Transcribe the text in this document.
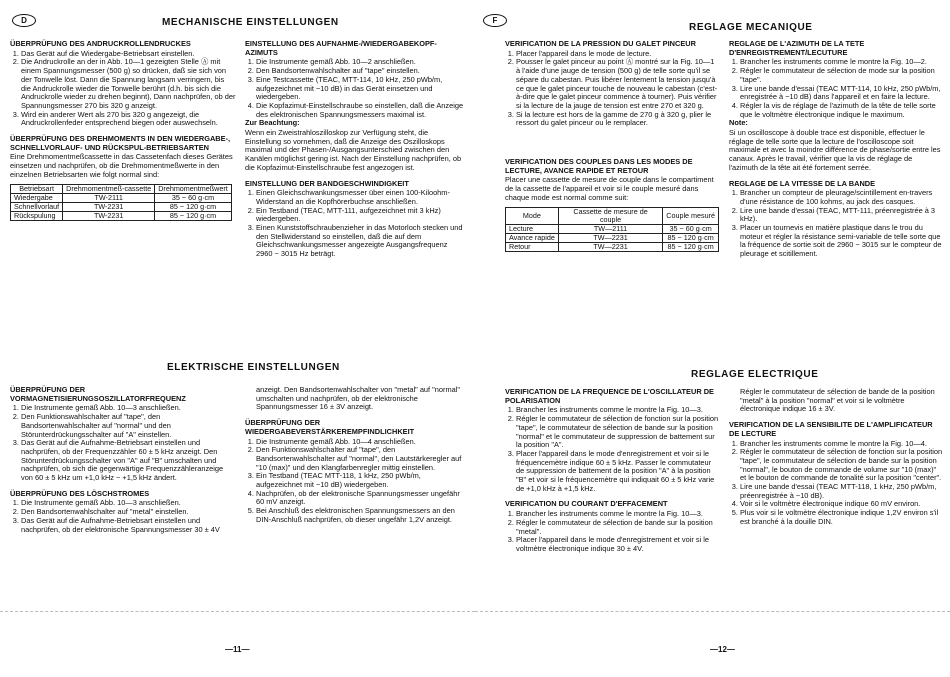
D	MECHANISCHE EINSTELLUNGEN
ÜBERPRÜFUNG DES ANDRUCKROLLENDRUCKES
1. Das Gerät auf die Wiedergabe-Betriebsart einstellen.
2. Die Andruckrolle an der in Abb. 10—1 gezeigten Stelle Ⓐ mit einem Spannungsmesser (500 g) so drücken, daß sie sich von der Tonwelle löst. Dann die Spannung langsam verringern, bis die Andruckrolle wieder die Tonwelle berührt (d.h. bis sich die Andruckrolle wieder zu drehen beginnt), Dann nachprüfen, ob der Spannungsmesser 270 bis 320 g anzeigt.
3. Wird ein anderer Wert als 270 bis 320 g angezeigt, die Andruckrollenfeder entsprechend biegen oder auswechseln.
ÜBERPRÜFUNG DES DREHMOMENTS IN DEN WIEDERGABE-, SCHNELLVORLAUF- UND RÜCKSPUL-BETRIEBSARTEN

Eine Drehmomentmeßcassette in das Cassetenfach dieses Gerätes einsetzen und nachprüfen, ob die Drehmomentmeßwerte in den einzelnen Betriebsarten wie folgt normal sind:

Betriebsart	Drehmomentmeß-cassette	Drehmomentmeßwert
Wiedergabe	TW-2111	35 ~ 60 g·cm
Schnellvorlauf	TW-2231	85 ~ 120 g·cm
Rückspulung	TW-2231	85 ~ 120 g·cm
EINSTELLUNG DES AUFNAHME-/WIEDERGABEKOPF-AZIMUTS
1. Die Instrumente gemäß Abb. 10—2 anschließen.
2. Den Bandsortenwahlschalter auf "tape" einstellen.
3. Eine Testcassette (TEAC, MTT-114, 10 kHz, 250 pWb/m, aufgezeichnet mit −10 dB) in das Gerät einsetzen und wiedergeben.
4. Die Kopfazimut-Einstellschraube so einstellen, daß die Anzeige des elektronischen Spannungsmessers maximal ist.
Zur Beachtung:

Wenn ein Zweistrahloszilloskop zur Verfügung steht, die Einstellung so vornehmen, daß die Anzeige des Oszilloskops maximal und der Phasen-/Ausgangsunterschied zwischen den Kanälen möglichst gering ist. Nach der Einstellung nachprüfen, ob die Kopfazimut-Einstellschraube fest angezogen ist.

EINSTELLUNG DER BANDGESCHWINDIGKEIT
1. Einen Gleichschwankungsmesser über einen 100-Kiloohm-Widerstand an die Kopfhörerbuchse anschließen.
2. Ein Testband (TEAC, MTT-111, aufgezeichnet mit 3 kHz) wiedergeben.
3. Einen Kunststoffschraubenzieher in das Motorloch stecken und den Stellwiderstand so einstellen, daß die auf dem Gleichschwankungsmesser angezeigte Ausgangsfrequenz 2960 ~ 3015 Hz beträgt.
ELEKTRISCHE EINSTELLUNGEN
ÜBERPRÜFUNG DER VORMAGNETISIERUNGSOSZILLATORFREQUENZ
1. Die Instrumente gemäß Abb. 10—3 anschließen.
2. Den Funktionswahlschalter auf "tape", den Bandsortenwahlschalter auf "normal" und den Störunterdrückungsschalter auf "A" einstellen.
3. Das Gerät auf die Aufnahme-Betriebsart einstellen und nachprüfen, ob der Frequenzzähler 60 ± 5 kHz anzeigt. Den Störunterdrückungsschalter von "A" auf "B" umschalten und nachprüfen, ob sich die gegenwärtige Frequenzzähleranzeige von 60 ± 5 kHz um +1,0 kHz ~ +1,5 kHz ändert.
ÜBERPRÜFUNG DES LÖSCHSTROMES
1. Die Instrumente gemäß Abb. 10—3 anschließen.
2. Den Bandsortenwahlschalter auf "metal" einstellen.
3. Das Gerät auf die Aufnahme-Betriebsart einstellen und nachprüfen, ob der elektronische Spannungsmesser 30 ± 4V

anzeigt. Den Bandsortenwahlschalter von "metal" auf "normal" umschalten und nachprüfen, ob der elektronische Spannungsmesser 16 ± 3V anzeigt.

ÜBERPRÜFUNG DER WIEDERGABEVERSTÄRKEREMPFINDLICHKEIT
1. Die Instrumente gemäß Abb. 10—4 anschließen.
2. Den Funktionswahlschalter auf "tape", den Bandsortenwahlschalter auf "normal", den Lautstärkeregler auf "10 (max)" und den Klangfarbenregler mittig einstellen.
3. Ein Testband (TEAC MTT-118, 1 kHz, 250 pWb/m, aufgezeichnet mit −10 dB) wiedergeben.
4. Nachprüfen, ob der elektronische Spannungsmesser ungefähr 60 mV anzeigt.
5. Bei Anschluß des elektronischen Spannungsmessers an den DIN-Anschluß nachprüfen, ob dieser ungefähr 1,2V anzeigt.
—11—
F
REGLAGE MECANIQUE
VERIFICATION DE LA PRESSION DU GALET PINCEUR
1. Placer l'appareil dans le mode de lecture.
2. Pousser le galet pinceur au point Ⓐ montré sur la Fig. 10—1 à l'aide d'une jauge de tension (500 g) de telle sorte qu'il se sépare du cabestan. Puis libérer lentement la tension jusqu'à ce que le galet pinceur touche de nouveau le cabestan (c'est-à-dire que le galet pinceur commence à tourner). Puis vérifier si la lecture de la jauge de tension est entre 270 et 320 g.
3. Si la lecture est hors de la gamme de 270 g à 320 g, plier le ressort du galet pinceur ou le remplacer.
VERIFICATION DES COUPLES DANS LES MODES DE LECTURE, AVANCE RAPIDE ET RETOUR

Placer une cassette de mesure de couple dans le compartiment de la cassette de l'appareil et voir si le couple mesuré dans chaque mode est normal comme suit:

Mode	Cassette de mesure de couple	Couple mesuré
Lecture	TW—2111	35 ~ 60 g·cm
Avance rapide	TW—2231	85 ~ 120 g·cm
Retour	TW—2231	85 ~ 120 g·cm
REGLAGE DE L'AZIMUTH DE LA TETE D'ENREGISTREMENT/LECUTURE
1. Brancher les instruments comme le montre la Fig. 10—2.
2. Régler le commutateur de sélection de mode sur la position "tape".
3. Lire une bande d'essai (TEAC MTT-114, 10 kHz, 250 pWb/m, enregistrée à −10 dB) dans l'appareil et en faire la lecture.
4. Régler la vis de réglage de l'azimuth de la tête de telle sorte que le voltmètre électronique indique le maximum.
Note:

Si un oscilloscope à double trace est disponible, effectuer le réglage de telle sorte que la lecture de l'oscilloscope soit maximale et avec la moindre différence de phase/sortie entre les canaux. Après le travail, vérifier que la vis de réglage de l'azimuth de la tête ait été fortement serrée.

REGLAGE DE LA VITESSE DE LA BANDE
1. Brancher un compteur de pleurage/scintillement en-travers d'une résistance de 100 kohms, au jack des casques.
2. Lire une bande d'essai (TEAC, MTT-111, préenregistrée à 3 kHz).
3. Placer un tournevis en matière plastique dans le trou du moteur et régler la résistance semi-variable de telle sorte que la fréquence de sortie soit de 2960 ~ 3015 sur le compteur de pleurage et scitillement.
REGLAGE ELECTRIQUE
VERIFICATION DE LA FREQUENCE DE L'OSCILLATEUR DE POLARISATION
1. Brancher les instruments comme le montre la Fig. 10—3.
2. Régler le commutateur de sélection de fonction sur la position "tape", le commutateur de sélection de bande sur la position "normal" et le commutateur de suppression de battement sur la position "A".
3. Placer l'appareil dans le mode d'enregistrement et voir si le fréquencemètre indique 60 ± 5 kHz. Passer le commutateur de suppression de battement de la position "A" à la position "B" et voir si le fréquencemètre qui indiquait 60 ± 5 kHz varie de +1,0 kHz à +1,5 kHz.
VERIFICATION DU COURANT D'EFFACEMENT
1. Brancher les instruments comme le montre la Fig. 10—3.
2. Régler le commutateur de sélection de bande sur la position "metal".
3. Placer l'appareil dans le mode d'enregistrement et voir si le voltmètre électronique indique 30 ± 4V.

Régler le commutateur de sélection de bande de la position "metal" à la position "normal" et voir si le voltmètre électronique indique 16 ± 3V.

VERIFICATION DE LA SENSIBILITE DE L'AMPLIFICATEUR DE LECTURE
1. Brancher les instruments comme le montre la Fig. 10—4.
2. Régler le commutateur de sélection de fonction sur la position "tape", le commutateur de sélection de bande sur la position "normal", le bouton de commande de volume sur "10 (max)" et le bouton de commande de tonalité sur la position "center".
3. Lire une bande d'essai (TEAC MTT-118, 1 kHz, 250 pWb/m, préenregistrée à −10 dB).
4. Voir si le voltmètre électronique indique 60 mV environ.
5. Plus voir si le voltmètre électronique indique 1,2V environ s'il est branché à la douille DIN.
—12—
